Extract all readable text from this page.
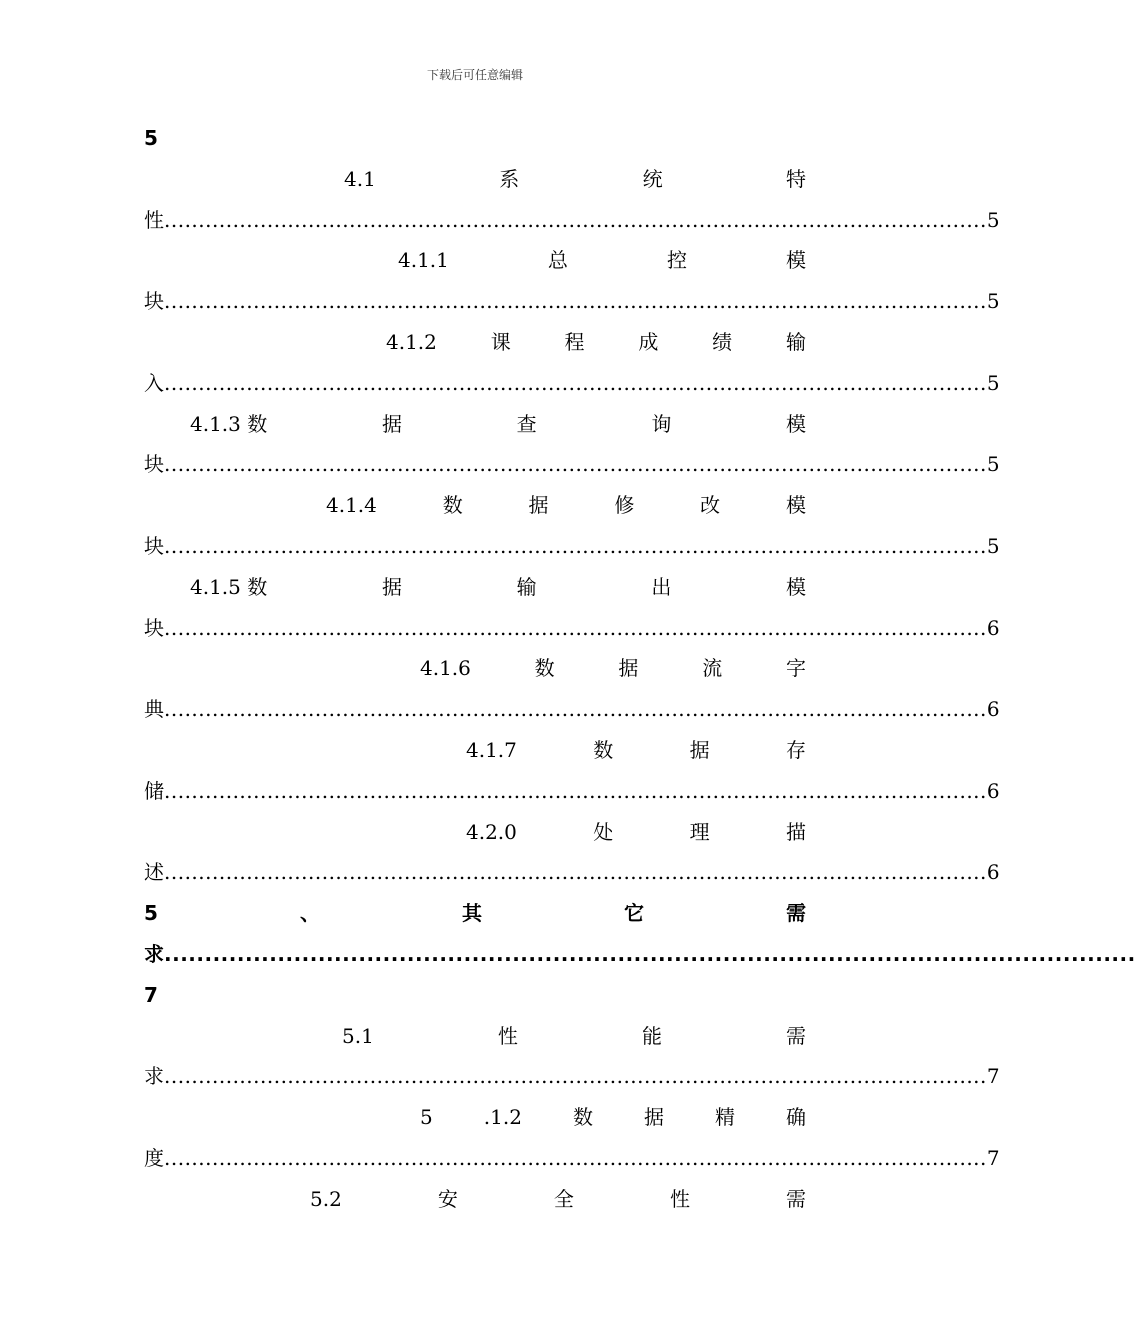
下载后可任意编辑
5
4.1	系	统	特
性 ........................................................................................................................ 5
4.1.1	总	控	模
块 ........................................................................................................................ 5
4.1.2	课	程	成	绩	输
入 ........................................................................................................................ 5
4.1.3 数	据	查	询	模
块 ........................................................................................................................ 5
4.1.4	数	据	修	改	模
块 ........................................................................................................................ 5
4.1.5 数	据	输	出	模
块 ........................................................................................................................ 6
4.1.6	数	据	流	字
典 ........................................................................................................................ 6
4.1.7	数	据	存
储 ........................................................................................................................ 6
4.2.0	处	理	描
述 ........................................................................................................................ 6
5	、	其	它	需
求 ........................................................................................................................
7
5.1	性	能	需
求 ........................................................................................................................ 7
5	.1.2	数	据	精	确
度 ........................................................................................................................ 7
5.2	安	全	性	需
